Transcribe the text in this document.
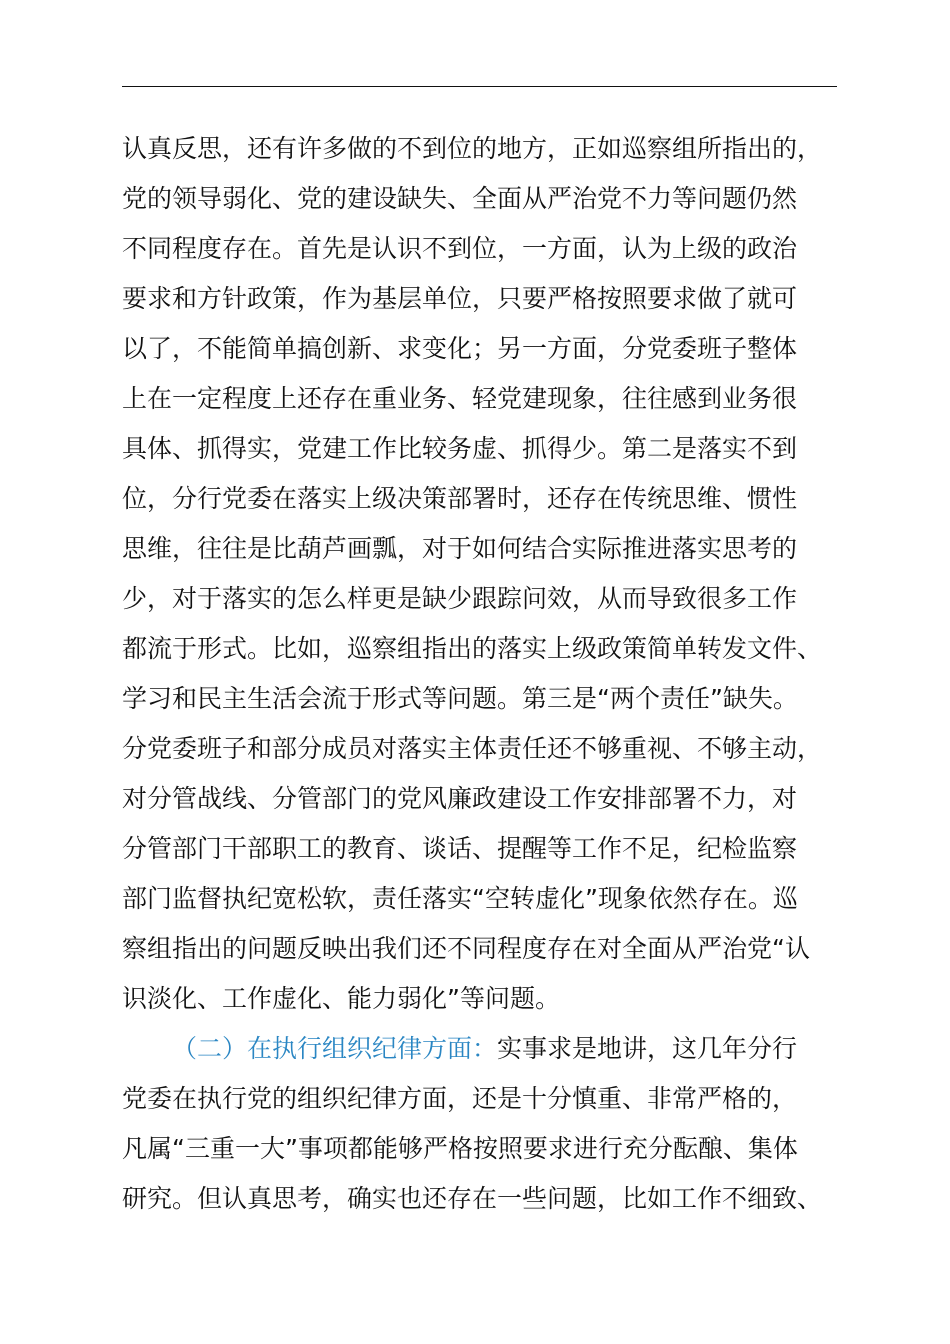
认真反思，还有许多做的不到位的地方，正如巡察组所指出的，
党的领导弱化、党的建设缺失、全面从严治党不力等问题仍然
不同程度存在。首先是认识不到位，一方面，认为上级的政治
要求和方针政策，作为基层单位，只要严格按照要求做了就可
以了，不能简单搞创新、求变化；另一方面，分党委班子整体
上在一定程度上还存在重业务、轻党建现象，往往感到业务很
具体、抓得实，党建工作比较务虚、抓得少。第二是落实不到
位，分行党委在落实上级决策部署时，还存在传统思维、惯性
思维，往往是比葫芦画瓢，对于如何结合实际推进落实思考的
少，对于落实的怎么样更是缺少跟踪问效，从而导致很多工作
都流于形式。比如，巡察组指出的落实上级政策简单转发文件、
学习和民主生活会流于形式等问题。第三是“两个责任”缺失。
分党委班子和部分成员对落实主体责任还不够重视、不够主动，
对分管战线、分管部门的党风廉政建设工作安排部署不力，对
分管部门干部职工的教育、谈话、提醒等工作不足，纪检监察
部门监督执纪宽松软，责任落实“空转虚化”现象依然存在。巡
察组指出的问题反映出我们还不同程度存在对全面从严治党“认
识淡化、工作虚化、能力弱化”等问题。
（二）在执行组织纪律方面：实事求是地讲，这几年分行
党委在执行党的组织纪律方面，还是十分慎重、非常严格的，
凡属“三重一大”事项都能够严格按照要求进行充分酝酿、集体
研究。但认真思考，确实也还存在一些问题，比如工作不细致、
